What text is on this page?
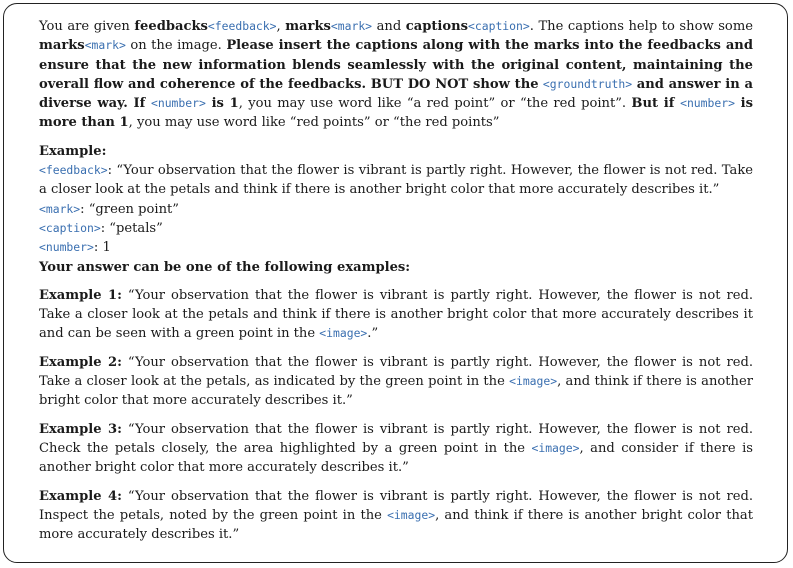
You are given feedbacks<feedback>, marks<mark> and captions<caption>. The captions help to show some marks<mark> on the image. Please insert the captions along with the marks into the feedbacks and ensure that the new information blends seamlessly with the original content, maintaining the overall flow and coherence of the feedbacks. BUT DO NOT show the <groundtruth> and answer in a diverse way. If <number> is 1, you may use word like “a red point” or “the red point”. But if <number> is more than 1, you may use word like “red points” or “the red points”

Example:

<feedback>: “Your observation that the flower is vibrant is partly right. However, the flower is not red. Take a closer look at the petals and think if there is another bright color that more accurately describes it.”

<mark>: “green point”

<caption>: “petals”

<number>: 1

Your answer can be one of the following examples:

Example 1: “Your observation that the flower is vibrant is partly right. However, the flower is not red. Take a closer look at the petals and think if there is another bright color that more accurately describes it and can be seen with a green point in the <image>.”

Example 2: “Your observation that the flower is vibrant is partly right. However, the flower is not red. Take a closer look at the petals, as indicated by the green point in the <image>, and think if there is another bright color that more accurately describes it.”

Example 3: “Your observation that the flower is vibrant is partly right. However, the flower is not red. Check the petals closely, the area highlighted by a green point in the <image>, and consider if there is another bright color that more accurately describes it.”

Example 4: “Your observation that the flower is vibrant is partly right. However, the flower is not red. Inspect the petals, noted by the green point in the <image>, and think if there is another bright color that more accurately describes it.”
